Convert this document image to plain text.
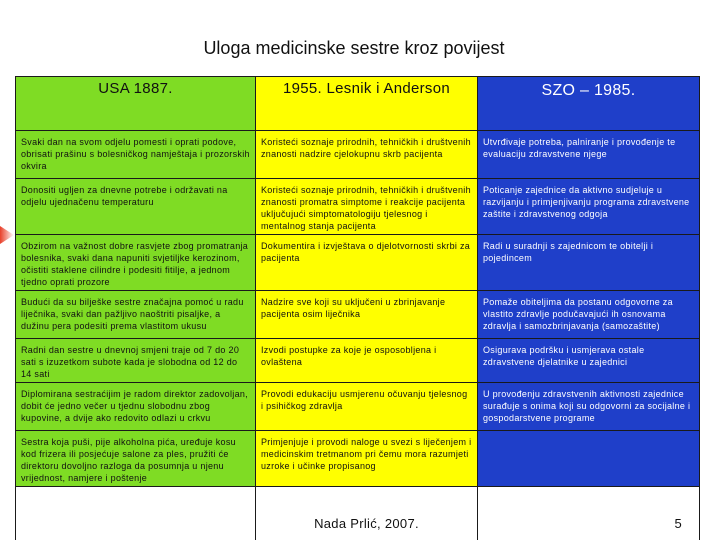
Uloga medicinske sestre kroz povijest
USA 1887.	1955. Lesnik i Anderson	SZO – 1985.
Svaki dan na svom odjelu pomesti i oprati podove, obrisati prašinu s bolesničkog namještaja i prozorskih okvira	Koristeći soznaje prirodnih, tehničkih i društvenih znanosti nadzire cjelokupnu skrb pacijenta	Utvrđivaje potreba, palniranje i provođenje te evaluaciju zdravstvene njege
Donositi ugljen za dnevne potrebe i održavati na odjelu ujednačenu temperaturu	Koristeći soznaje prirodnih, tehničkih i društvenih znanosti promatra simptome i reakcije pacijenta uključujući simptomatologiju tjelesnog i mentalnog stanja pacijenta	Poticanje zajednice da aktivno sudjeluje u razvijanju i primjenjivanju programa zdravstvene zaštite i zdravstvenog odgoja
Obzirom na važnost dobre rasvjete zbog promatranja bolesnika, svaki dana napuniti svjetiljke kerozinom, očistiti staklene cilindre i podesiti fitilje, a jednom tjedno oprati prozore	Dokumentira i izvještava o djelotvornosti skrbi za pacijenta	Radi u suradnji s zajednicom te obitelji i pojedincem
Budući da su bilješke sestre značajna pomoć u radu liječnika, svaki dan pažljivo naoštriti pisaljke, a dužinu pera podesiti prema vlastitom ukusu	Nadzire sve koji su uključeni u zbrinjavanje pacijenta osim liječnika	Pomaže obiteljima da postanu odgovorne za vlastito zdravlje podučavajući ih osnovama zdravlja i samozbrinjavanja (samozaštite)
Radni dan sestre u dnevnoj smjeni traje od 7 do 20 sati s izuzetkom subote kada je slobodna od 12 do 14 sati	Izvodi postupke za koje je osposobljena i ovlaštena	Osigurava podršku i usmjerava ostale zdravstvene djelatnike u zajednici
Diplomirana sestraćijim je radom direktor zadovoljan, dobit će jedno večer u tjednu slobodnu zbog kupovine, a dvije ako redovito odlazi u crkvu	Provodi edukaciju usmjerenu očuvanju tjelesnog i psihičkog zdravlja	U provođenju zdravstvenih aktivnosti zajednice surađuje s onima koji su odgovorni za socijalne i gospodarstvene programe
Sestra koja puši, pije alkoholna pića, uređuje kosu kod frizera ili posjećuje salone za ples, pružiti će direktoru dovoljno razloga da posumnja u njenu vrijednost, namjere i poštenje	Primjenjuje i provodi naloge u svezi s liječenjem i medicinskim tretmanom pri čemu mora razumjeti uzroke i učinke propisanog	

	Nada Prlić, 2007.	5
